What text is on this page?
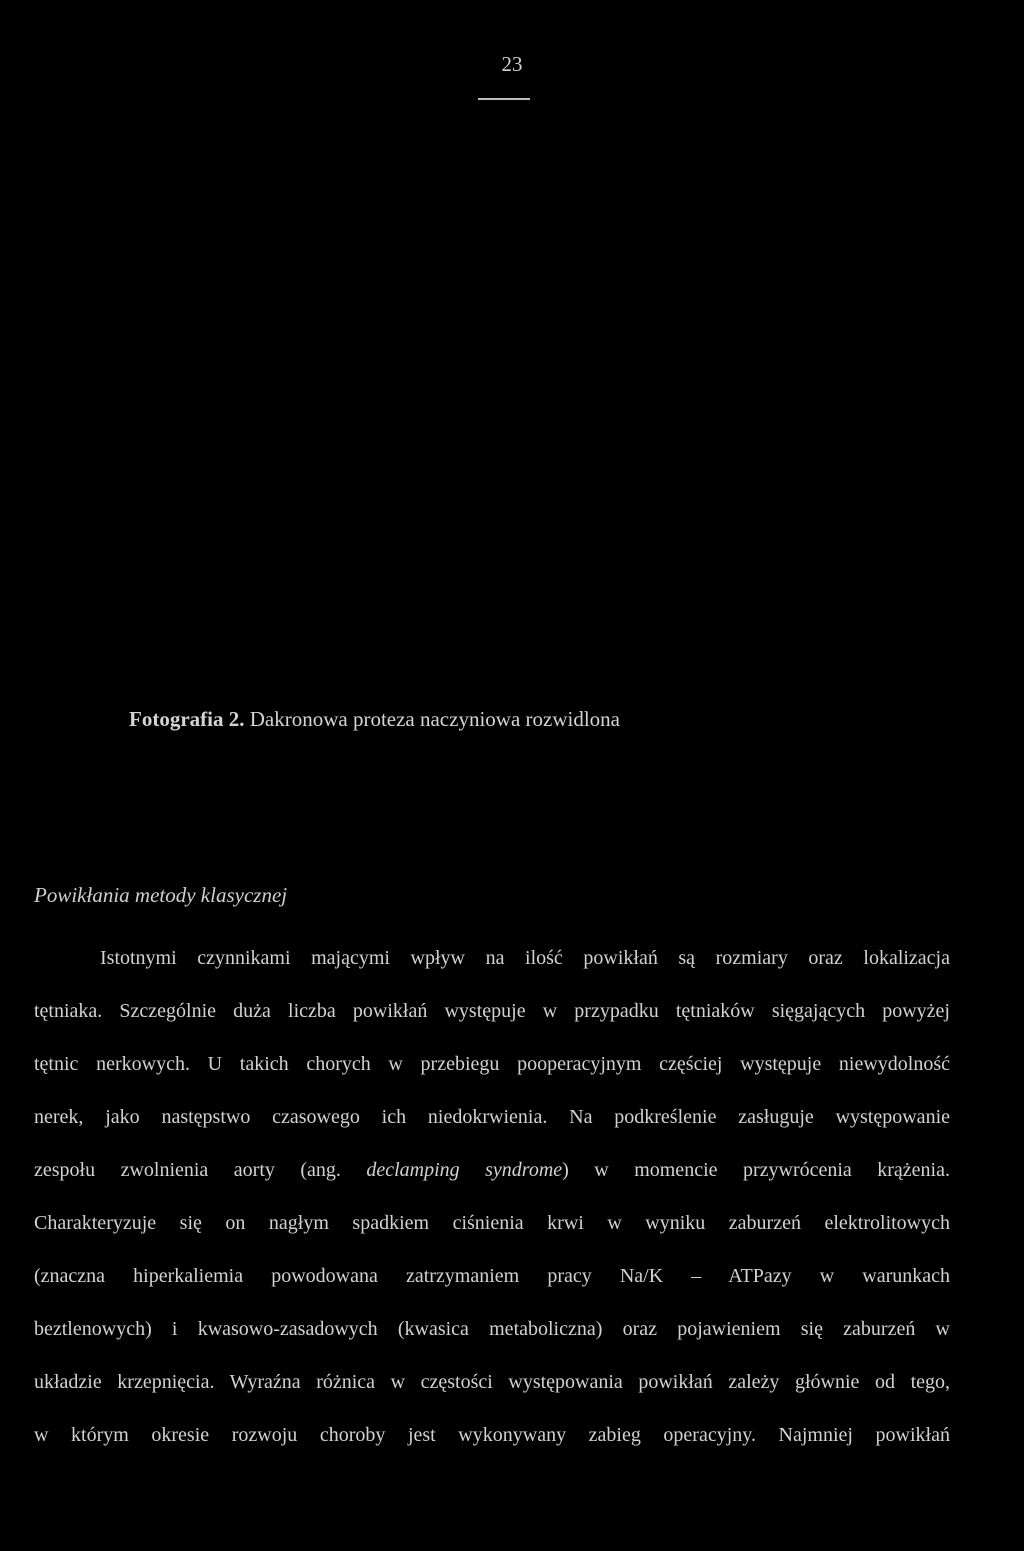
23
Fotografia 2. Dakronowa proteza naczyniowa rozwidlona
Powikłania metody klasycznej
Istotnymi czynnikami mającymi wpływ na ilość powikłań są rozmiary oraz lokalizacja
tętniaka. Szczególnie duża liczba powikłań występuje w przypadku tętniaków sięgających powyżej
tętnic nerkowych. U takich chorych w przebiegu pooperacyjnym częściej występuje niewydolność
nerek, jako następstwo czasowego ich niedokrwienia. Na podkreślenie zasługuje występowanie
zespołu zwolnienia aorty (ang. declamping syndrome) w momencie przywrócenia krążenia.
Charakteryzuje się on nagłym spadkiem ciśnienia krwi w wyniku zaburzeń elektrolitowych
(znaczna hiperkaliemia powodowana zatrzymaniem pracy Na/K – ATPazy w warunkach
beztlenowych) i kwasowo-zasadowych (kwasica metaboliczna) oraz pojawieniem się zaburzeń w
układzie krzepnięcia. Wyraźna różnica w częstości występowania powikłań zależy głównie od tego,
w którym okresie rozwoju choroby jest wykonywany zabieg operacyjny. Najmniej powikłań
